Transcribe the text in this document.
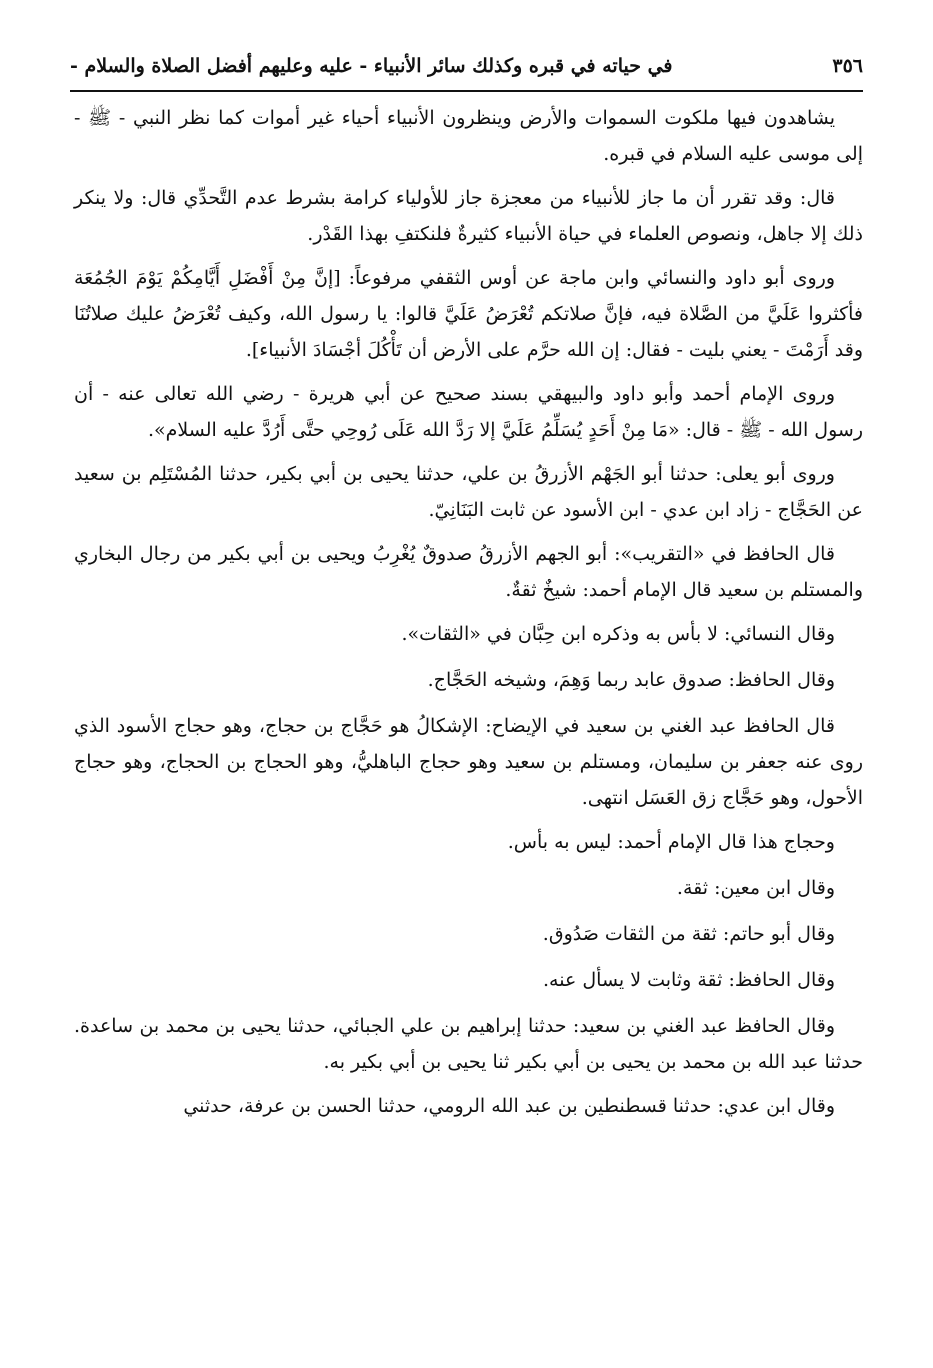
٣٥٦
في حياته في قبره وكذلك سائر الأنبياء - عليه وعليهم أفضل الصلاة والسلام -

يشاهدون فيها ملكوت السموات والأرض وينظرون الأنبياء أحياء غير أموات كما نظر النبي - ﷺ - إلى موسى عليه السلام في قبره.

قال: وقد تقرر أن ما جاز للأنبياء من معجزة جاز للأولياء كرامة بشرط عدم التَّحدِّي قال: ولا ينكر ذلك إلا جاهل، ونصوص العلماء في حياة الأنبياء كثيرةٌ فلنكتفِ بهذا القَدْر.

وروى أبو داود والنسائي وابن ماجة عن أوس الثقفي مرفوعاً: [إنَّ مِنْ أَفْضَلِ أَيَّامِكُمْ يَوْمَ الجُمُعَة فأكثروا عَلَيَّ من الصَّلاة فيه، فإنَّ صلاتكم تُعْرَضُ عَلَيَّ قالوا: يا رسول الله، وكيف تُعْرَضُ عليك صلاتُنَا وقد أَرَمْتَ - يعني بليت - فقال: إن الله حرَّم على الأرض أن تَأْكُلَ أجْسَادَ الأنبياء].

وروى الإمام أحمد وأبو داود والبيهقي بسند صحيح عن أبي هريرة - رضي الله تعالى عنه - أن رسول الله - ﷺ - قال: «مَا مِنْ أَحَدٍ يُسَلِّمُ عَلَيَّ إلا رَدَّ الله عَلَى رُوحِي حتَّى أَرُدَّ عليه السلام».

وروى أبو يعلى: حدثنا أبو الجَهْم الأزرقُ بن علي، حدثنا يحيى بن أبي بكير، حدثنا المُسْتَلِم بن سعيد عن الحَجَّاج - زاد ابن عدي - ابن الأسود عن ثابت البَنَانِيّ.

قال الحافظ في «التقريب»: أبو الجهم الأزرقُ صدوقٌ يُغْرِبُ ويحيى بن أبي بكير من رجال البخاري والمستلم بن سعيد قال الإمام أحمد: شيخٌ ثقةٌ.

وقال النسائي: لا بأس به وذكره ابن حِبَّان في «الثقات».

وقال الحافظ: صدوق عابد ربما وَهِمَ، وشيخه الحَجَّاج.

قال الحافظ عبد الغني بن سعيد في الإيضاح: الإشكالُ هو حَجَّاج بن حجاج، وهو حجاج الأسود الذي روى عنه جعفر بن سليمان، ومستلم بن سعيد وهو حجاج الباهليُّ، وهو الحجاج بن الحجاج، وهو حجاج الأحول، وهو حَجَّاج زق العَسَل انتهى.

وحجاج هذا قال الإمام أحمد: ليس به بأس.

وقال ابن معين: ثقة.

وقال أبو حاتم: ثقة من الثقات صَدُوق.

وقال الحافظ: ثقة وثابت لا يسأل عنه.

وقال الحافظ عبد الغني بن سعيد: حدثنا إبراهيم بن علي الجبائي، حدثنا يحيى بن محمد بن ساعدة. حدثنا عبد الله بن محمد بن يحيى بن أبي بكير ثنا يحيى بن أبي بكير به.

وقال ابن عدي: حدثنا قسطنطين بن عبد الله الرومي، حدثنا الحسن بن عرفة، حدثني
